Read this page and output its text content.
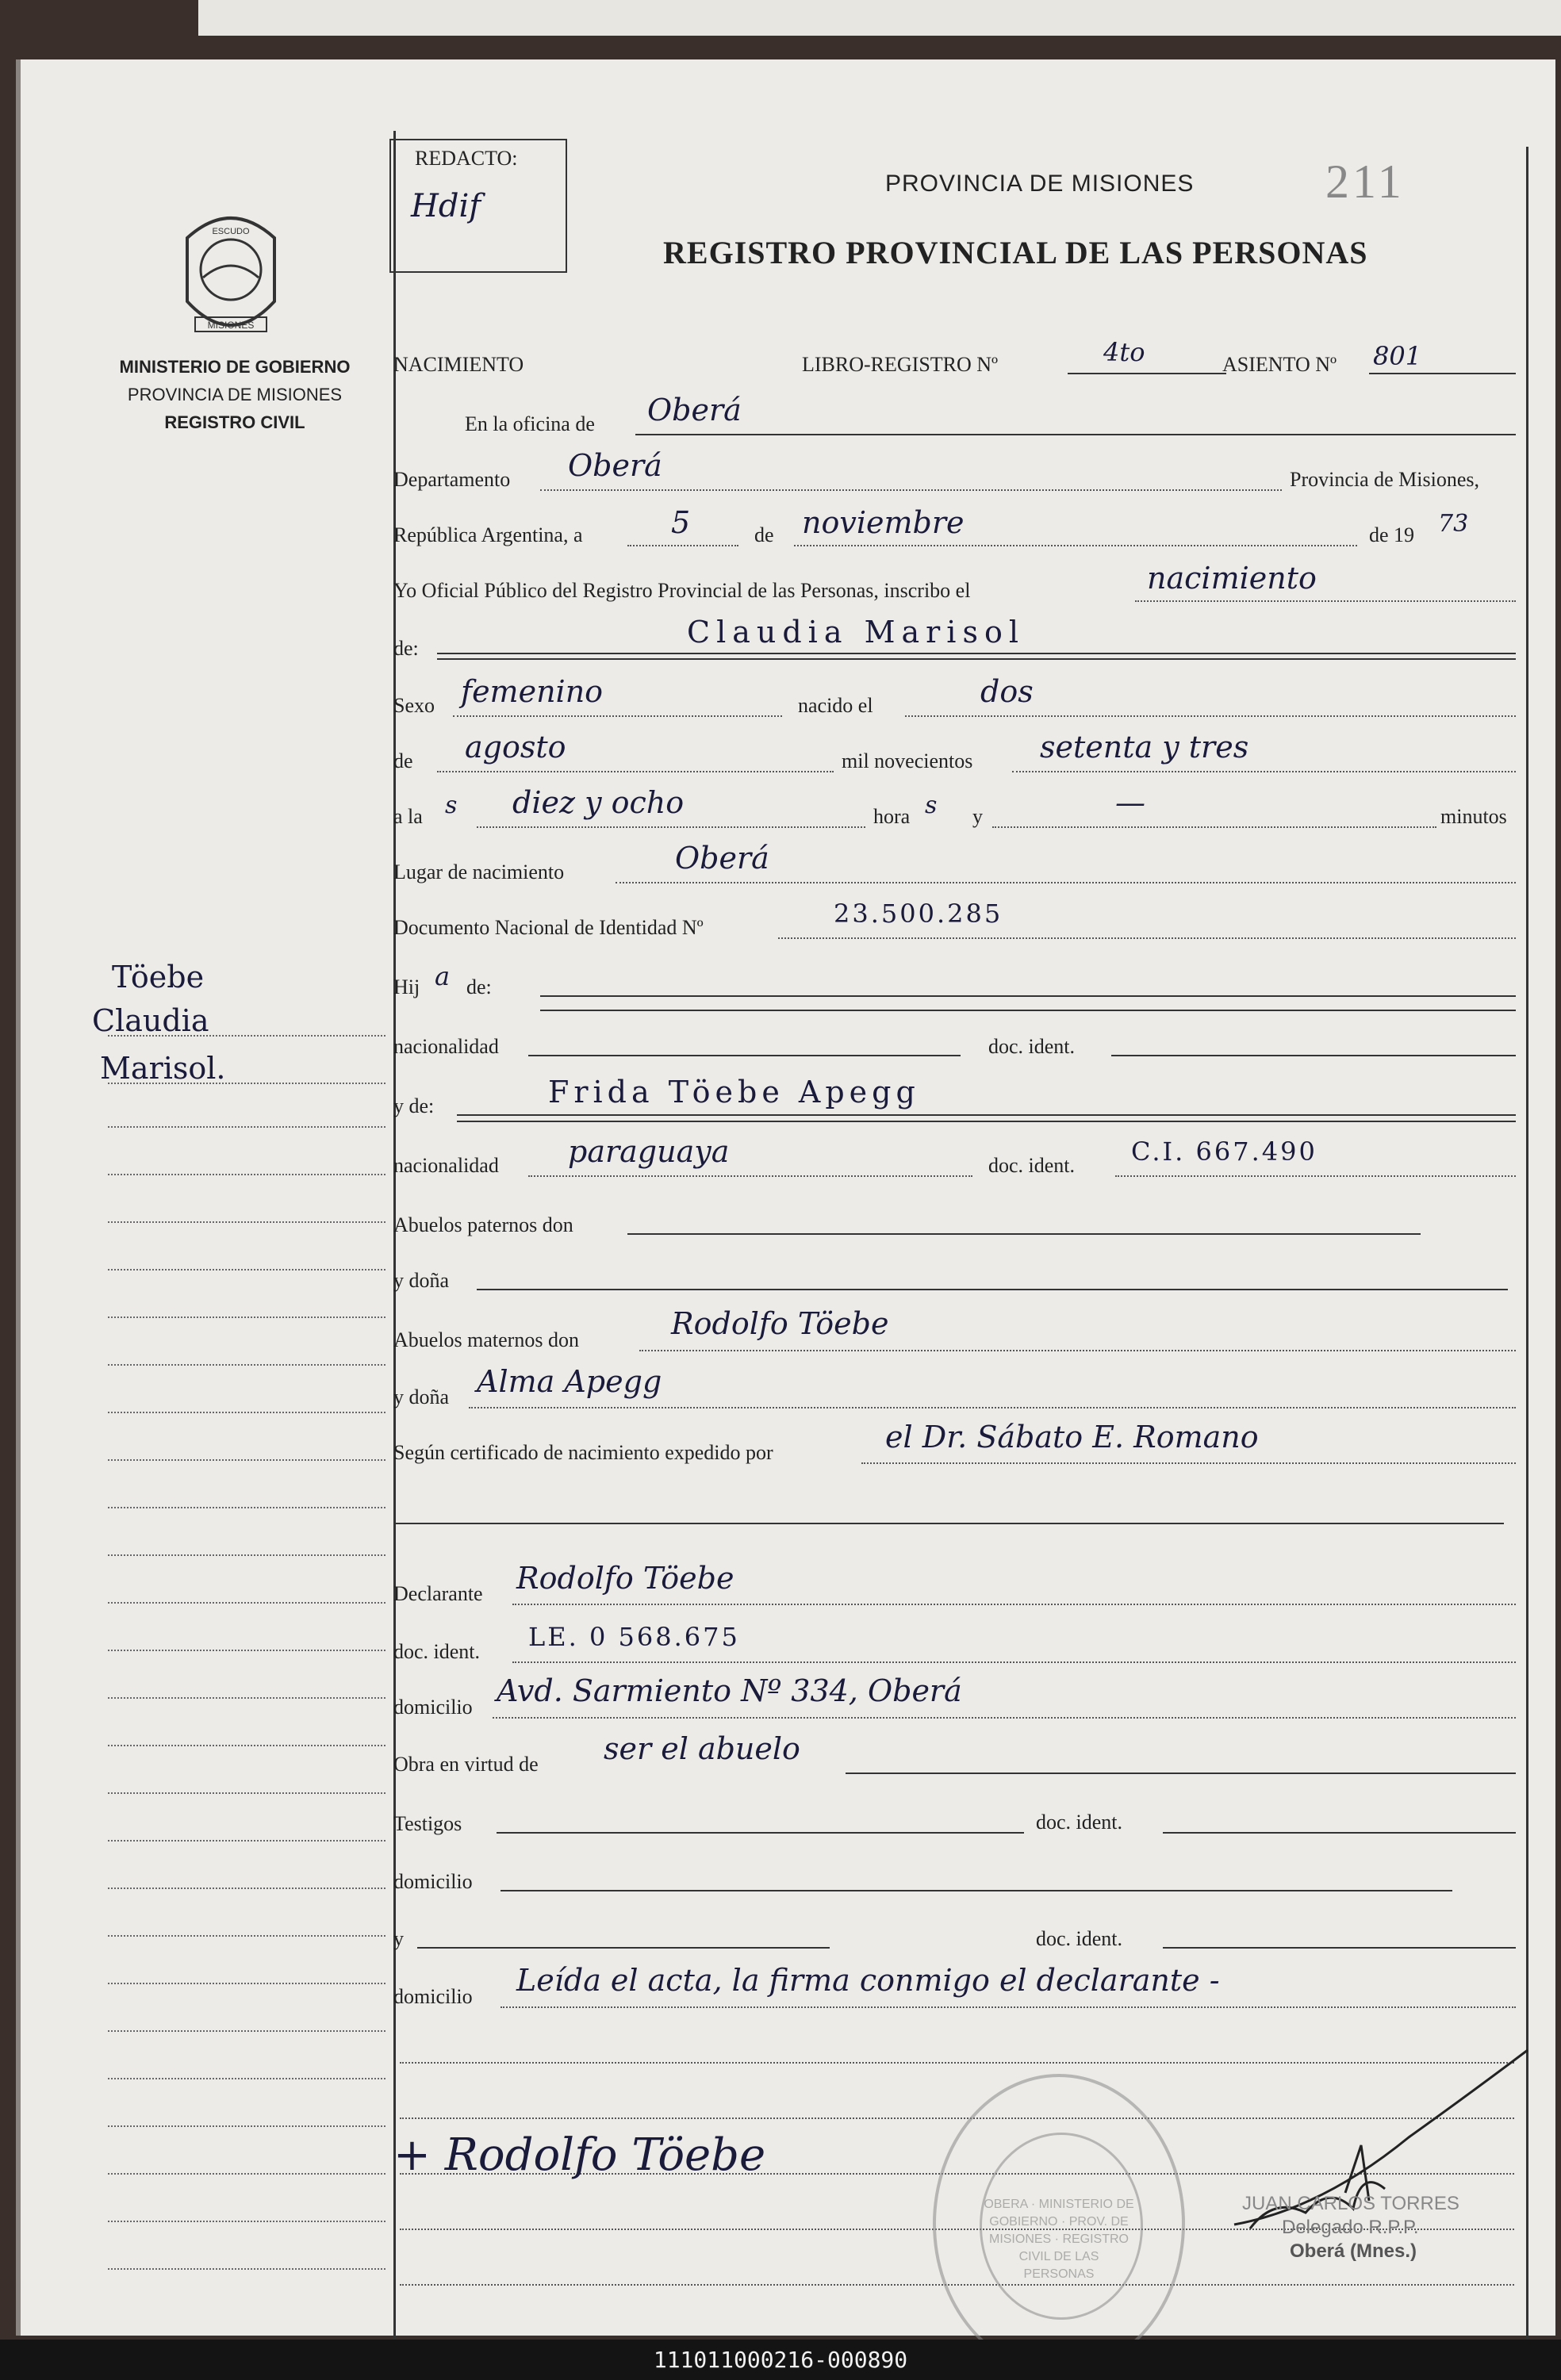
REDACTO:
Hdif
PROVINCIA DE MISIONES	211
REGISTRO PROVINCIAL DE LAS PERSONAS
ESCUDO
MISIONES
MINISTERIO DE GOBIERNO
PROVINCIA DE MISIONES
REGISTRO CIVIL
Töebe
Claudia
Marisol.
NACIMIENTO	LIBRO-REGISTRO Nº	4to	ASIENTO Nº 801
En la oficina de Oberá
Departamento Oberá	Provincia de Misiones,
República Argentina, a	5	de noviembre	de 19 73
Yo Oficial Público del Registro Provincial de las Personas, inscribo el	nacimiento
de:	Claudia Marisol
Sexo femenino	nacido el	dos
de agosto	mil novecientos setenta y tres
a la s diez y ocho	hora s y	—	minutos
Lugar de nacimiento	Oberá
Documento Nacional de Identidad Nº	23.500.285
Hij a de:
nacionalidad	doc. ident.
y de:	Frida Töebe Apegg
nacionalidad paraguaya	doc. ident. C.I. 667.490
Abuelos paternos don
y doña
Abuelos maternos don	Rodolfo Töebe
y doña Alma Apegg
Según certificado de nacimiento expedido por	el Dr. Sábato E. Romano
Declarante Rodolfo Töebe
doc. ident. LE. 0 568.675
domicilio Avd. Sarmiento Nº 334, Oberá
Obra en virtud de ser el abuelo
Testigos	doc. ident.
domicilio
y	doc. ident.
domicilio Leída el acta, la firma conmigo el declarante -
+ Rodolfo Töebe
OBERA · MINISTERIO DE GOBIERNO · PROV. DE MISIONES · REGISTRO CIVIL DE LAS PERSONAS
JUAN CARLOS TORRES
Delegado R.P.P.
Oberá (Mnes.)
111011000216-000890
